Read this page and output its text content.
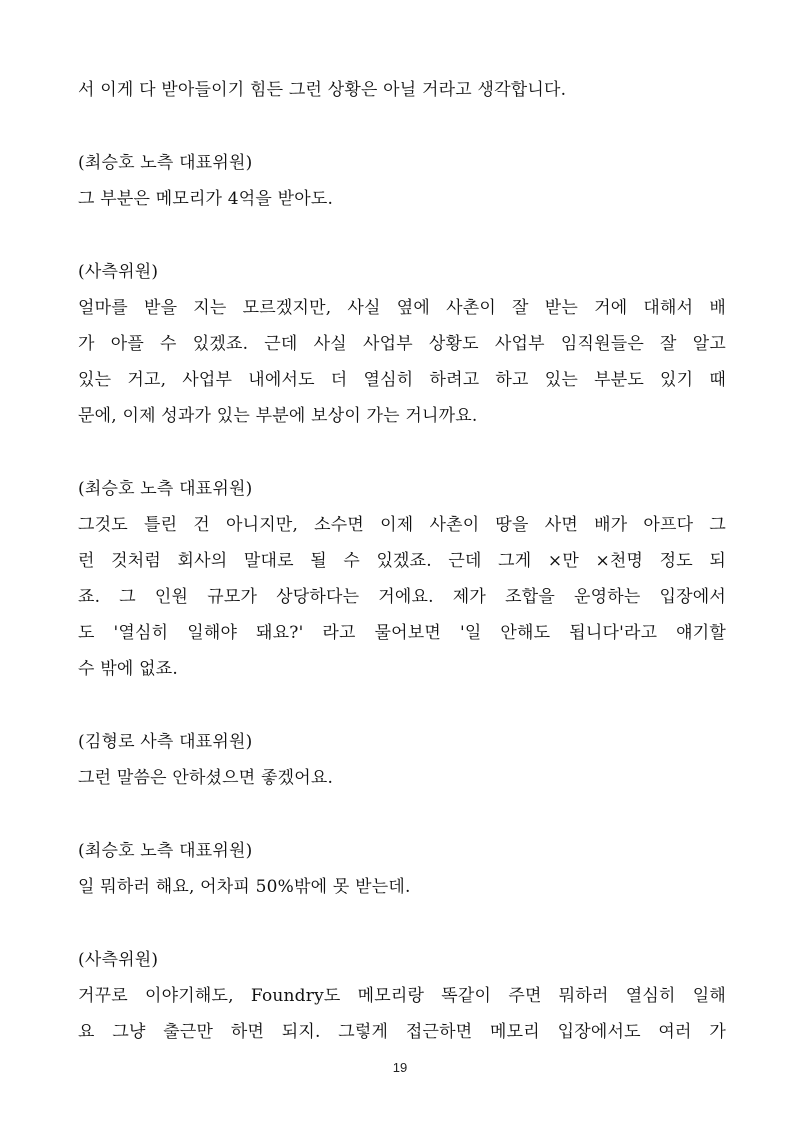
서 이게 다 받아들이기 힘든 그런 상황은 아닐 거라고 생각합니다.
(최승호 노측 대표위원)
그 부분은 메모리가 4억을 받아도.
(사측위원)
얼마를 받을 지는 모르겠지만, 사실 옆에 사촌이 잘 받는 거에 대해서 배
가 아플 수 있겠죠. 근데 사실 사업부 상황도 사업부 임직원들은 잘 알고
있는 거고, 사업부 내에서도 더 열심히 하려고 하고 있는 부분도 있기 때
문에, 이제 성과가 있는 부분에 보상이 가는 거니까요.
(최승호 노측 대표위원)
그것도 틀린 건 아니지만, 소수면 이제 사촌이 땅을 사면 배가 아프다 그
런 것처럼 회사의 말대로 될 수 있겠죠. 근데 그게 ×만 ×천명 정도 되
죠. 그 인원 규모가 상당하다는 거에요. 제가 조합을 운영하는 입장에서
도 '열심히 일해야 돼요?' 라고 물어보면 '일 안해도 됩니다'라고 얘기할
수 밖에 없죠.
(김형로 사측 대표위원)
그런 말씀은 안하셨으면 좋겠어요.
(최승호 노측 대표위원)
일 뭐하러 해요, 어차피 50%밖에 못 받는데.
(사측위원)
거꾸로 이야기해도, Foundry도 메모리랑 똑같이 주면 뭐하러 열심히 일해
요 그냥 출근만 하면 되지. 그렇게 접근하면 메모리 입장에서도 여러 가
19
